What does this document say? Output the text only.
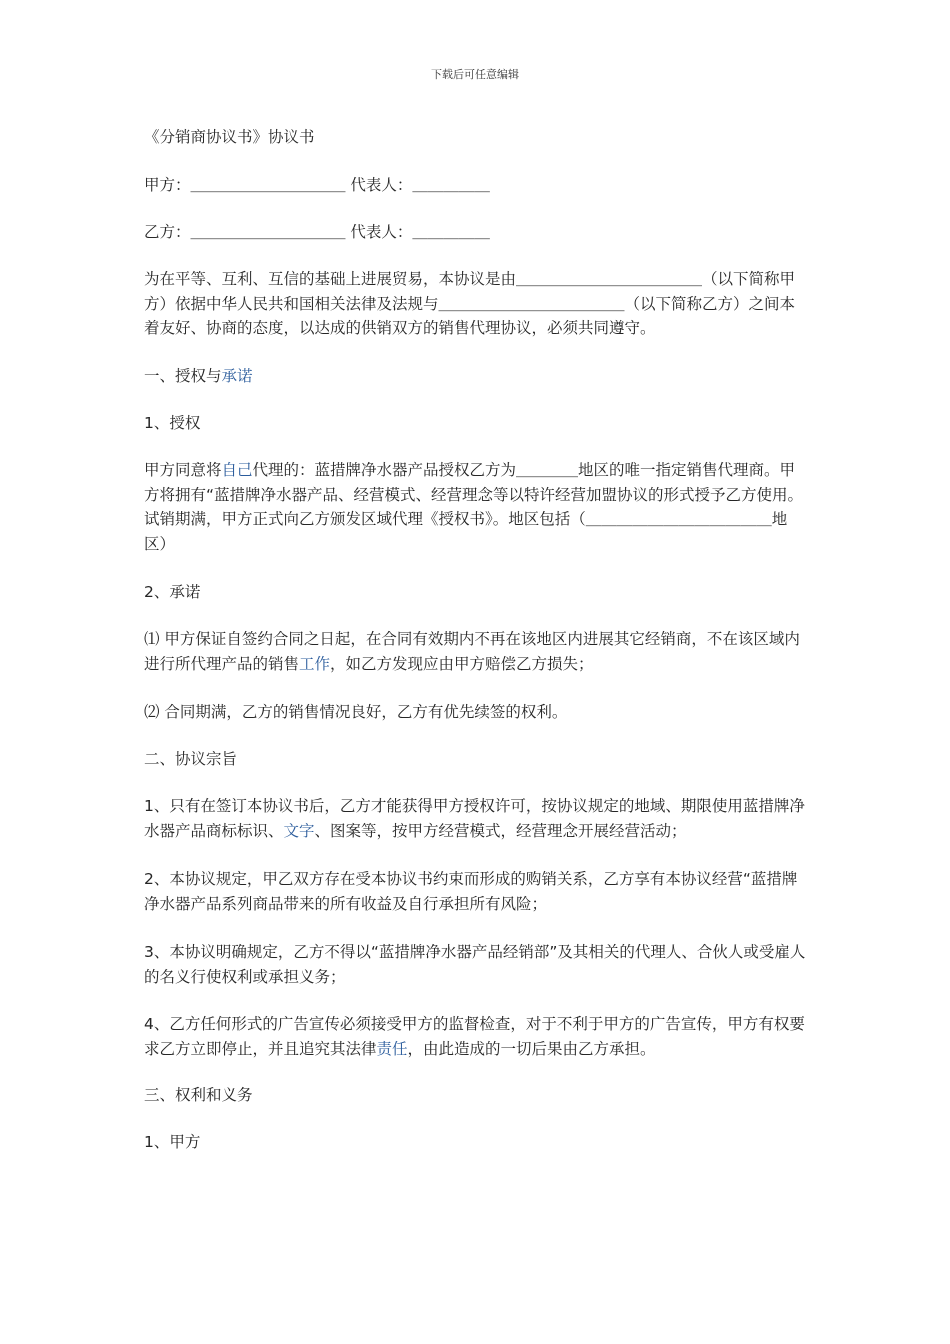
下载后可任意编辑

《分销商协议书》协议书

甲方：＿＿＿＿＿＿＿＿＿＿ 代表人：＿＿＿＿＿

乙方：＿＿＿＿＿＿＿＿＿＿ 代表人：＿＿＿＿＿

为在平等、互利、互信的基础上进展贸易，本协议是由＿＿＿＿＿＿＿＿＿＿＿＿（以下简称甲方）依据中华人民共和国相关法律及法规与＿＿＿＿＿＿＿＿＿＿＿＿（以下简称乙方）之间本着友好、协商的态度，以达成的供销双方的销售代理协议，必须共同遵守。

一、授权与承诺

1、授权

甲方同意将自己代理的：蓝措牌净水器产品授权乙方为＿＿＿＿地区的唯一指定销售代理商。甲方将拥有“蓝措牌净水器产品、经营模式、经营理念等以特许经营加盟协议的形式授予乙方使用。试销期满，甲方正式向乙方颁发区域代理《授权书》。地区包括（＿＿＿＿＿＿＿＿＿＿＿＿地区）

2、承诺

⑴ 甲方保证自签约合同之日起，在合同有效期内不再在该地区内进展其它经销商，不在该区域内进行所代理产品的销售工作，如乙方发现应由甲方赔偿乙方损失；

⑵ 合同期满，乙方的销售情况良好，乙方有优先续签的权利。

二、协议宗旨

1、只有在签订本协议书后，乙方才能获得甲方授权许可，按协议规定的地域、期限使用蓝措牌净水器产品商标标识、文字、图案等，按甲方经营模式，经营理念开展经营活动；

2、本协议规定，甲乙双方存在受本协议书约束而形成的购销关系，乙方享有本协议经营“蓝措牌净水器产品系列商品带来的所有收益及自行承担所有风险；

3、本协议明确规定，乙方不得以“蓝措牌净水器产品经销部”及其相关的代理人、合伙人或受雇人的名义行使权利或承担义务；

4、乙方任何形式的广告宣传必须接受甲方的监督检查，对于不利于甲方的广告宣传，甲方有权要求乙方立即停止，并且追究其法律责任，由此造成的一切后果由乙方承担。

三、权利和义务

1、甲方
